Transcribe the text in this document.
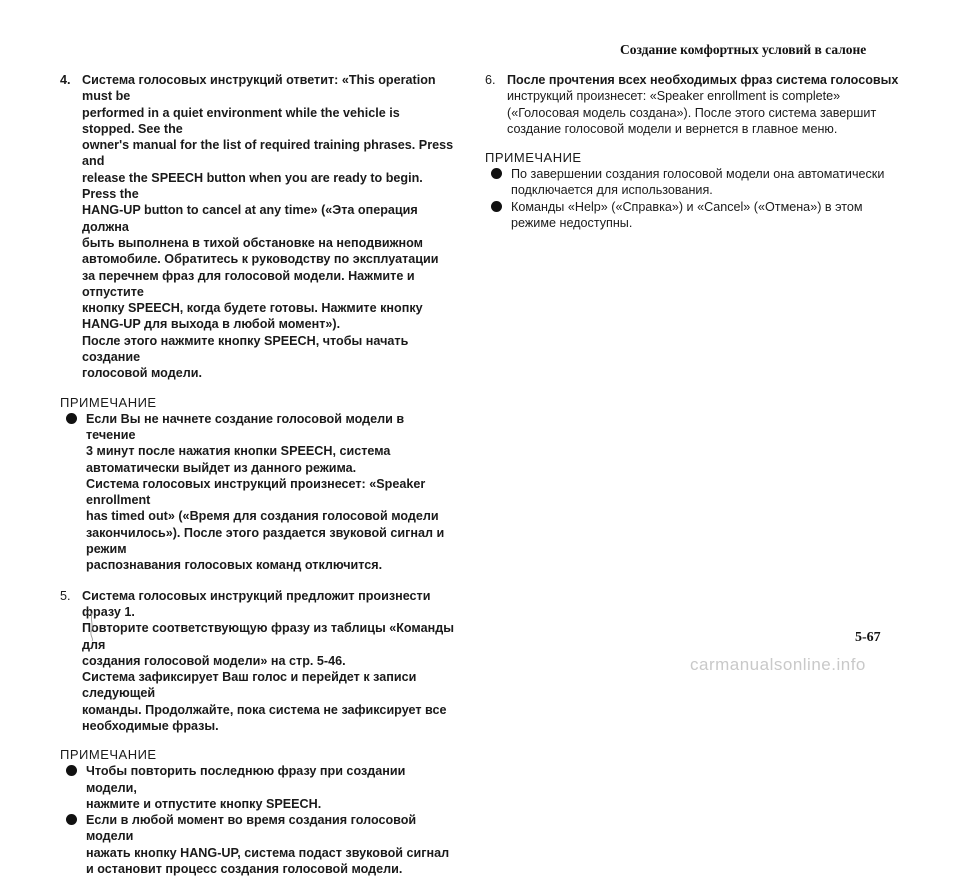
Создание комфортных условий в салоне
4. Система голосовых инструкций ответит: «This operation must be
performed in a quiet environment while the vehicle is stopped. See the
owner's manual for the list of required training phrases. Press and
release the SPEECH button when you are ready to begin. Press the
HANG-UP button to cancel at any time» («Эта операция должна
быть выполнена в тихой обстановке на неподвижном
автомобиле. Обратитесь к руководству по эксплуатации
за перечнем фраз для голосовой модели. Нажмите и отпустите
кнопку SPEECH, когда будете готовы. Нажмите кнопку
HANG-UP для выхода в любой момент»).
После этого нажмите кнопку SPEECH, чтобы начать создание
голосовой модели.
ПРИМЕЧАНИЕ
Если Вы не начнете создание голосовой модели в течение
3 минут после нажатия кнопки SPEECH, система
автоматически выйдет из данного режима.
Система голосовых инструкций произнесет: «Speaker enrollment
has timed out» («Время для создания голосовой модели
закончилось»). После этого раздается звуковой сигнал и режим
распознавания голосовых команд отключится.
5. Система голосовых инструкций предложит произнести фразу 1.
Повторите соответствующую фразу из таблицы «Команды для
создания голосовой модели» на стр. 5-46.
Система зафиксирует Ваш голос и перейдет к записи следующей
команды. Продолжайте, пока система не зафиксирует все
необходимые фразы.
ПРИМЕЧАНИЕ
Чтобы повторить последнюю фразу при создании модели,
нажмите и отпустите кнопку SPEECH.
Если в любой момент во время создания голосовой модели
нажать кнопку HANG-UP, система подаст звуковой сигнал
и остановит процесс создания голосовой модели.
6. После прочтения всех необходимых фраз система голосовых
инструкций произнесет: «Speaker enrollment is complete»
(«Голосовая модель создана»). После этого система завершит
создание голосовой модели и вернется в главное меню.
ПРИМЕЧАНИЕ
По завершении создания голосовой модели она автоматически
подключается для использования.
Команды «Help» («Справка») и «Cancel» («Отмена») в этом
режиме недоступны.
5-67
carmanualsonline.info
